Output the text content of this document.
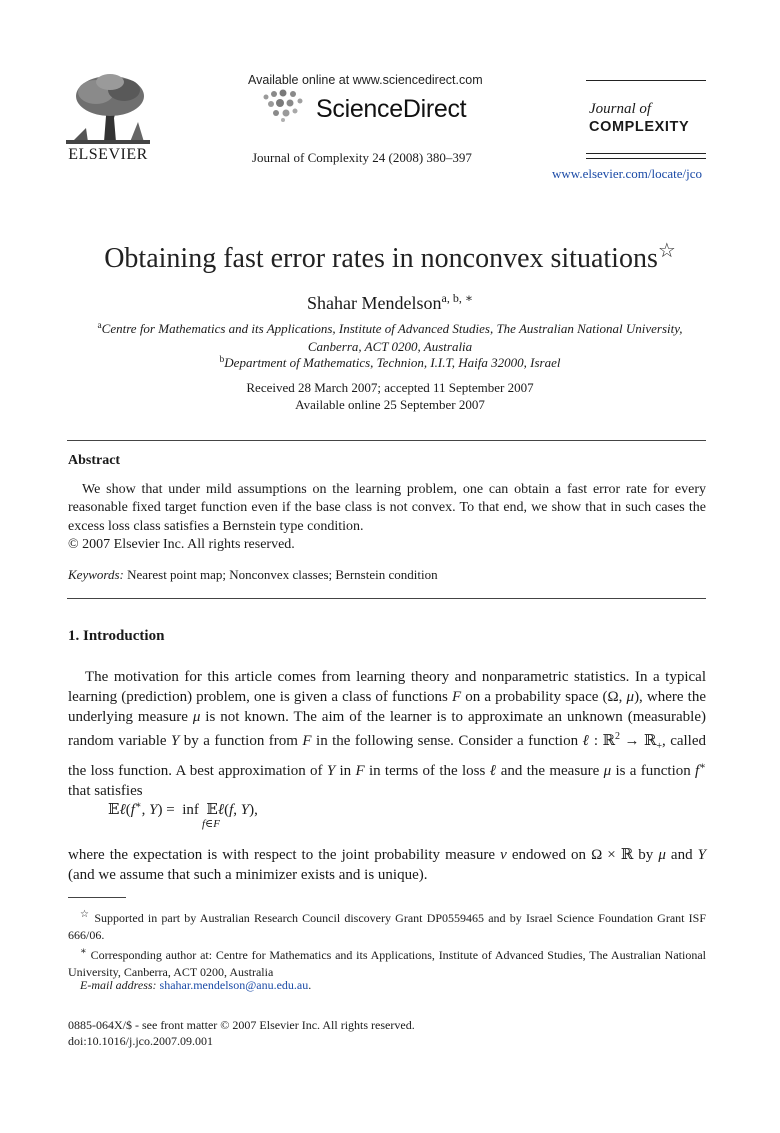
ELSEVIER
Available online at www.sciencedirect.com
ScienceDirect
Journal of Complexity 24 (2008) 380–397
Journal of
COMPLEXITY
www.elsevier.com/locate/jco
Obtaining fast error rates in nonconvex situations☆
Shahar Mendelson$^{a, b, ∗}$
$^a$Centre for Mathematics and its Applications, Institute of Advanced Studies, The Australian National University,
Canberra, ACT 0200, Australia
$^b$Department of Mathematics, Technion, I.I.T, Haifa 32000, Israel
Received 28 March 2007; accepted 11 September 2007
Available online 25 September 2007
Abstract

We show that under mild assumptions on the learning problem, one can obtain a fast error rate for every reasonable fixed target function even if the base class is not convex. To that end, we show that in such cases the excess loss class satisfies a Bernstein type condition.

© 2007 Elsevier Inc. All rights reserved.

Keywords: Nearest point map; Nonconvex classes; Bernstein condition
1. Introduction

The motivation for this article comes from learning theory and nonparametric statistics. In a typical learning (prediction) problem, one is given a class of functions F on a probability space (Ω, μ), where the underlying measure μ is not known. The aim of the learner is to approximate an unknown (measurable) random variable Y by a function from F in the following sense. Consider a function ℓ : ℝ$^2$ → ℝ$_+$, called the loss function. A best approximation of Y in F in terms of the loss ℓ and the measure μ is a function f∗ that satisfies

𝔼ℓ(f∗, Y) =  inf  𝔼ℓ(f, Y),
f∈F

where the expectation is with respect to the joint probability measure ν endowed on Ω × ℝ by μ and Y (and we assume that such a minimizer exists and is unique).

☆ Supported in part by Australian Research Council discovery Grant DP0559465 and by Israel Science Foundation Grant ISF 666/06.

∗ Corresponding author at: Centre for Mathematics and its Applications, Institute of Advanced Studies, The Australian National University, Canberra, ACT 0200, Australia

E-mail address: shahar.mendelson@anu.edu.au.

0885-064X/$ - see front matter © 2007 Elsevier Inc. All rights reserved.
doi:10.1016/j.jco.2007.09.001
